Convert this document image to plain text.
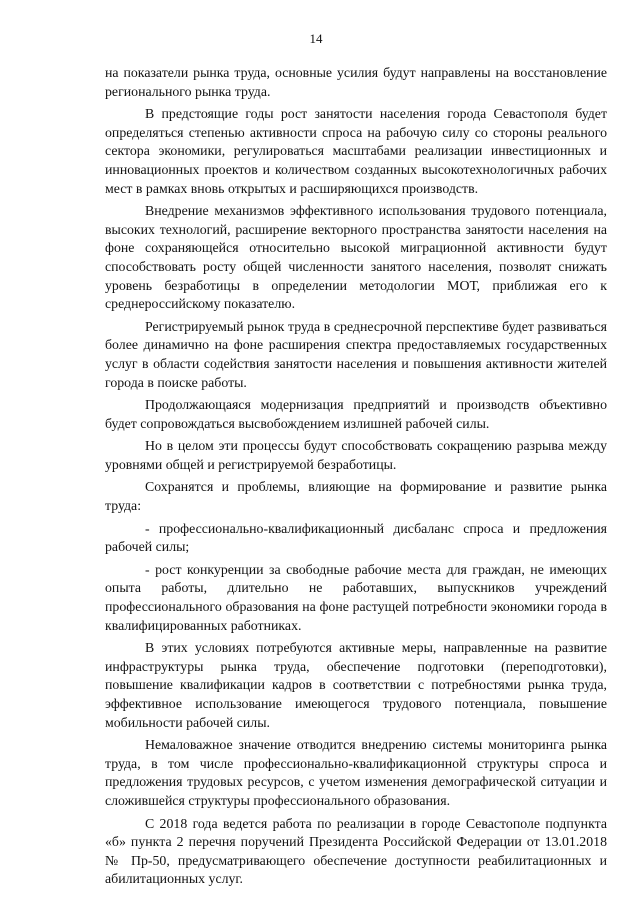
14

на показатели рынка труда, основные усилия будут направлены на восстановление регионального рынка труда.

В предстоящие годы рост занятости населения города Севастополя будет определяться степенью активности спроса на рабочую силу со стороны реального сектора экономики, регулироваться масштабами реализации инвестиционных и инновационных проектов и количеством созданных высокотехнологичных рабочих мест в рамках вновь открытых и расширяющихся производств.

Внедрение механизмов эффективного использования трудового потенциала, высоких технологий, расширение векторного пространства занятости населения на фоне сохраняющейся относительно высокой миграционной активности будут способствовать росту общей численности занятого населения, позволят снижать уровень безработицы в определении методологии МОТ, приближая его к среднероссийскому показателю.

Регистрируемый рынок труда в среднесрочной перспективе будет развиваться более динамично на фоне расширения спектра предоставляемых государственных услуг в области содействия занятости населения и повышения активности жителей города в поиске работы.

Продолжающаяся модернизация предприятий и производств объективно будет сопровождаться высвобождением излишней рабочей силы.

Но в целом эти процессы будут способствовать сокращению разрыва между уровнями общей и регистрируемой безработицы.

Сохранятся и проблемы, влияющие на формирование и развитие рынка труда:

- профессионально-квалификационный дисбаланс спроса и предложения рабочей силы;

- рост конкуренции за свободные рабочие места для граждан, не имеющих опыта работы, длительно не работавших, выпускников учреждений профессионального образования на фоне растущей потребности экономики города в квалифицированных работниках.

В этих условиях потребуются активные меры, направленные на развитие инфраструктуры рынка труда, обеспечение подготовки (переподготовки), повышение квалификации кадров в соответствии с потребностями рынка труда, эффективное использование имеющегося трудового потенциала, повышение мобильности рабочей силы.

Немаловажное значение отводится внедрению системы мониторинга рынка труда, в том числе профессионально-квалификационной структуры спроса и предложения трудовых ресурсов, с учетом изменения демографической ситуации и сложившейся структуры профессионального образования.

С 2018 года ведется работа по реализации в городе Севастополе подпункта «б» пункта 2 перечня поручений Президента Российской Федерации от 13.01.2018 № Пр-50, предусматривающего обеспечение доступности реабилитационных и абилитационных услуг.
